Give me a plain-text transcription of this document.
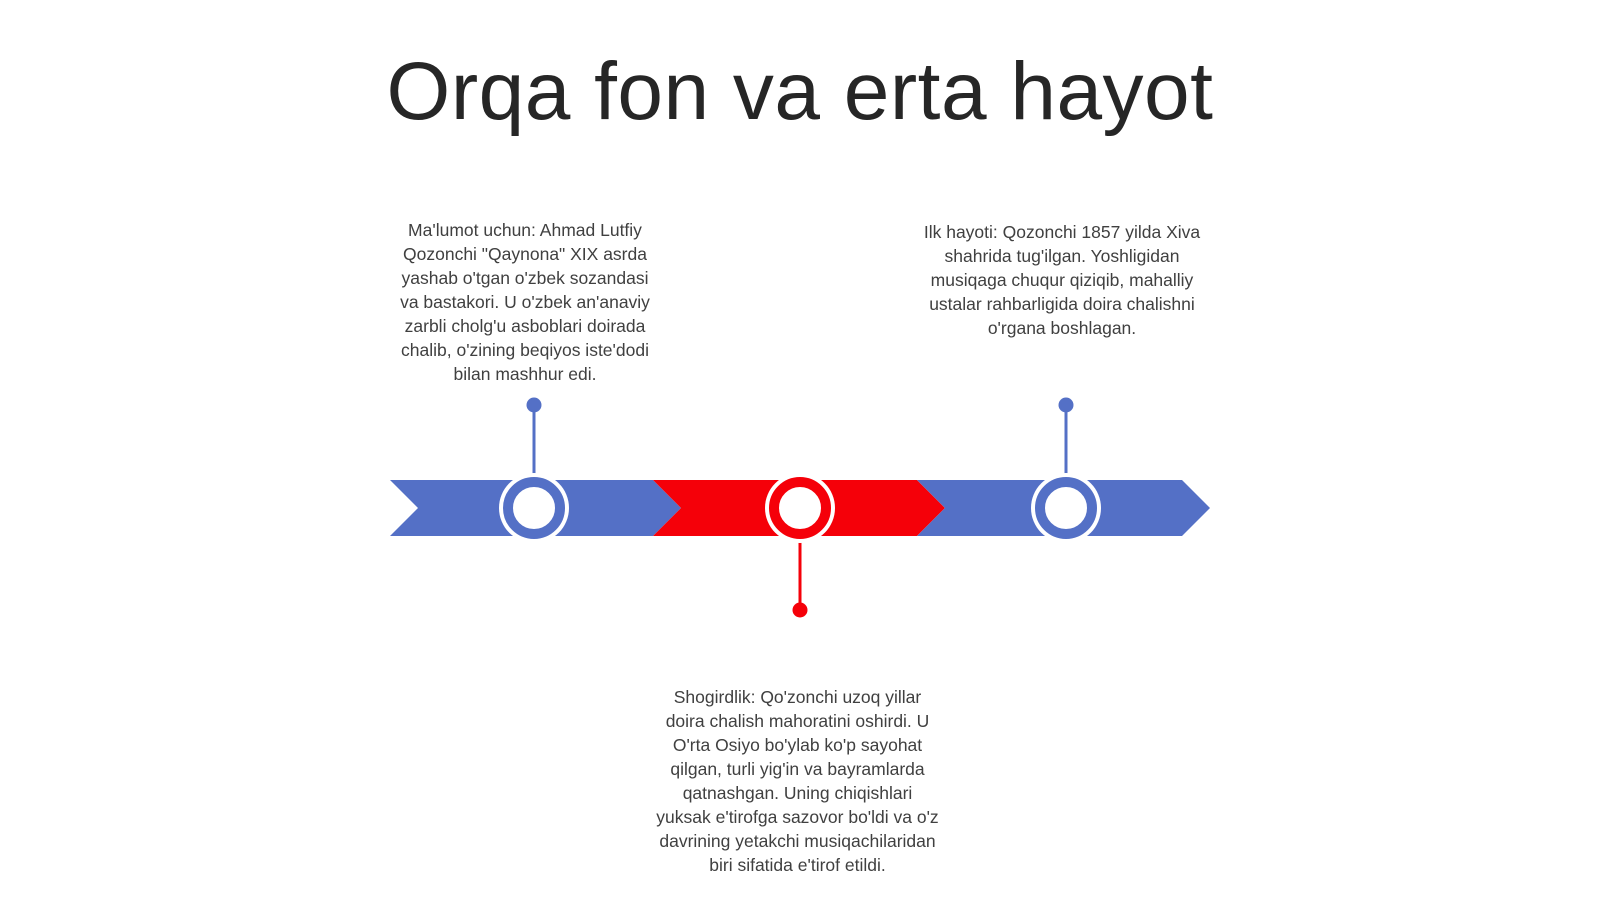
Orqa fon va erta hayot
Ma'lumot uchun: Ahmad Lutfiy Qozonchi "Qaynona" XIX asrda yashab o'tgan o'zbek sozandasi va bastakori. U o'zbek an'anaviy zarbli cholg'u asboblari doirada chalib, o'zining beqiyos iste'dodi bilan mashhur edi.
Ilk hayoti: Qozonchi 1857 yilda Xiva shahrida tug'ilgan. Yoshligidan musiqaga chuqur qiziqib, mahalliy ustalar rahbarligida doira chalishni o'rgana boshlagan.
Shogirdlik: Qo'zonchi uzoq yillar doira chalish mahoratini oshirdi. U O'rta Osiyo bo'ylab ko'p sayohat qilgan, turli yig'in va bayramlarda qatnashgan. Uning chiqishlari yuksak e'tirofga sazovor bo'ldi va o'z davrining yetakchi musiqachilaridan biri sifatida e'tirof etildi.
